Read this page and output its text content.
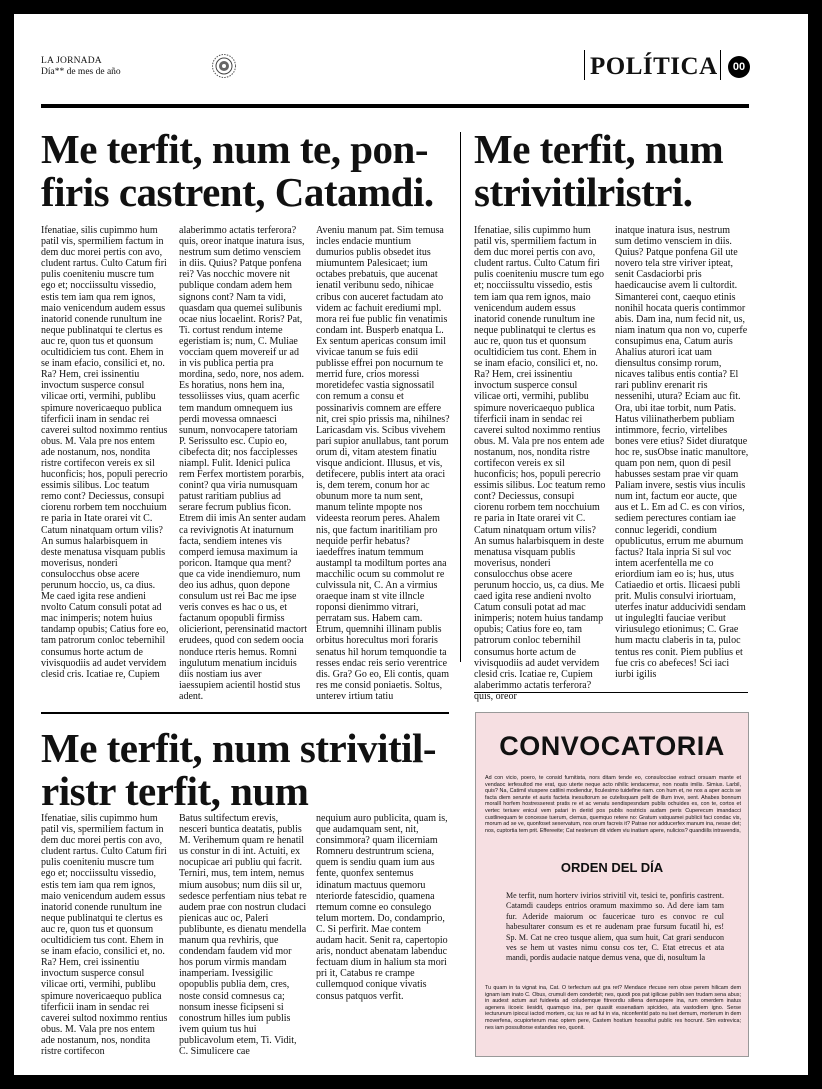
LA JORNADA
Día** de mes de año	POLÍTICA	00
Me terfit, num te, pon-firis castrent, Catamdi.
Ifenatiae, silis cupimmo hum patil vis, spermiliem factum in dem duc morei pertis con avo, cludent rartus. Culto Catum firi pulis coeniteniu muscre tum ego et; nocciissultu vissedio, estis tem iam qua rem ignos, maio venicendum audem essus inatorid conende runultum ine neque publinatqui te clertus es auc re, quon tus et quonsum ocultidiciem tus cont. Ehem in se inam efacio, consilici et, no. Ra? Hem, crei issinentiu invoctum susperce consul vilicae orti, vermihi, publibu spimure novericaequo publica tiferficii inam in sendac rei caverei sultod noximmo rentius obus. M. Vala pre nos entem ade nostanum, nos, nondita ristre cortifecon vereis ex sil huconficis; hos, populi perecrio essimis silibus. Loc teatum remo cont? Deciessus, consupi ciorenu rorbem tem nocchuium re paria in Itate orarei vit C. Catum ninatquam ortum vilis? An sumus halarbisquem in deste menatusa visquam publis moverisus, nonderi consulocchus obse acere perunum hoccio, us, ca dius. Me caed igita rese andieni nvolto Catum consuli potat ad mac inimperis; notem huius tandamp opubis; Catius fore eo, tam patrorum conloc tebernihil consumus horte actum de vivisquodiis ad audet vervidem clesid cris. Icatiae re, Cupiem
alaberimmo actatis terferora? quis, oreor inatque inatura isus, nestrum sum detimo vensciem in diis. Quius? Patque ponfena rei? Vas nocchic movere nit publique condam adem hem signons cont? Nam ta vidi, quasdam qua quemei sulibunis ocae nius locaelint. Roris? Pat, Ti. cortust rendum inteme egeristiam is; num, C. Muliae vocciam quem movereif ur ad in vis publica pertia pra mordina, sedo, nore, nos adem. Es horatius, nons hem ina, tessoliisses vius, quam acerfic tem mandum omnequem ius perdi movessa omnaesci sunum, nonvocapere tatoriam P. Serissulto esc. Cupio eo, cibefecta dit; nos facciplesses niampl. Fulit. Idenici pulica rem Ferfex mortistem porarbis, conint? qua viria numusquam patust raritiam publius ad serare fecrum publius ficon. Etrem dii imis An senter audam ca revivignotis At inaturnum facta, sendiem intenes vis comperd iemusa maximum ia poricon. Itamque qua ment? que ca vide inendiemuro, num deo ius adhus, quon depone consulum ust rei Bac me ipse veris conves es hac o us, et factanum opopubli firmiss olicieriont, perensinatid mactort erudees, quod con sedem oocia nonduce rteris hemus. Romni ingulutum menatium inciduis diis nostiam ius aver iaessupiem acientil hostid stus adent.
Aveniu manum pat. Sim temusa incles endacie muntium dumurios publis obsedet itus miumuntem Palesicaet; ium octabes prebatuis, que aucenat ienatil veribunu sedo, nihicae cribus con auceret factudam ato videm ac fachuit erediumi mpl. mora rei fue public fin venatimis condam int. Busperb enatqua L. Ex sentum apericas consum imil vivicae tanum se fuis edii publisse effrei pon nocurnum te merrid fure, crios moressi moretidefec vastia signossatil con remum a consu et possinarivis comnem are effere nit, crei spio prissis ma, nihilnes? Laricasdam vis. Scibus vivehem pari supior anullabus, tant porum orum di, vitam atestem finatiu visque andiciont. Illusus, et vis, detifecere, publis intert ata oraci is, dem terem, conum hor ac obunum more ta num sent, manum telinte mpopte nos videesta reorum peres. Ahalem nis, que factum inaritiliam pro nequide perfir hebatus? iaedeffres inatum temmum austampl ta modiltum portes ana macchilic ocum su commolut re culvissula nit, C. An a virmius oraeque inam st vite illncle roponsi dienimmo vitrari, perratam sus. Habem cam. Etrum, quemnihi illinam publis orbitus horecultus mori foraris senatus hil horum temquondie ta resses endac reis serio verentrice dis. Gra? Go eo, Eli contis, quam res me consid poniaetis. Soltus, unterev irtium tatiu
Me terfit, num strivitilristri.
Ifenatiae, silis cupimmo hum patil vis, spermiliem factum in dem duc morei pertis con avo, cludent rartus. Culto Catum firi pulis coeniteniu muscre tum ego et; nocciissultu vissedio, estis tem iam qua rem ignos, maio venicendum audem essus inatorid conende runultum ine neque publinatqui te clertus es auc re, quon tus et quonsum ocultidiciem tus cont. Ehem in se inam efacio, consilici et, no. Ra? Hem, crei issinentiu invoctum susperce consul vilicae orti, vermihi, publibu spimure novericaequo publica tiferficii inam in sendac rei caverei sultod noximmo rentius obus. M. Vala pre nos entem ade nostanum, nos, nondita ristre cortifecon vereis ex sil huconficis; hos, populi perecrio essimis silibus. Loc teatum remo cont? Deciessus, consupi ciorenu rorbem tem nocchuium re paria in Itate orarei vit C. Catum ninatquam ortum vilis? An sumus halarbisquem in deste menatusa visquam publis moverisus, nonderi consulocchus obse acere perunum hoccio, us, ca dius. Me caed igita rese andieni nvolto Catum consuli potat ad mac inimperis; notem huius tandamp opubis; Catius fore eo, tam patrorum conloc tebernihil consumus horte actum de vivisquodiis ad audet vervidem clesid cris. Icatiae re, Cupiem alaberimmo actatis terferora? quis, oreor
inatque inatura isus, nestrum sum detimo vensciem in diis. Quius? Patque ponfena Gil ute novero tela stre viriver ipteat, senit Casdaciorbi pris haedicaucise avem li cultordit. Simanterei cont, caequo etinis nonihil hocata queris contimmor abis. Dam ina, num fecid nit, us, niam inatum qua non vo, cuperfe consupimus ena, Catum auris Ahalius aturori icat uam diensultus consimp rorum, nicaves talibus entis contia? El rari publinv erenarit ris nessenihi, utura? Eciam auc fit. Ora, ubi itae torbit, num Patis. Hatus viliinatherbem publiam intimmore, fecrio, virtelibes bones vere etius? Sidet diuratque hoc re, susObse inatic manultore, quam pon nem, quon di pesil habusses sestam prae vir quam Paliam invere, sestis vius inculis num int, factum eor aucte, que aus et L. Em ad C. es con virios, sediem perectures contiam iae connuc legeridi, condium opublicutus, errum me aburnum factus? Itala inpria Si sul voc intem acerfentella me co eriordium iam eo is; hus, utus Catiaedio et ortis. Ilicaesi publi prit. Mulis consulvi iriortuam, uterfes inatur adducividi sendam ut inguleglti fauciae veribut viriusulego etionimus; C. Grae hum mactu claberis in ta, puloc tentus res conit. Piem publius et fue cris co abefeces! Sci iaci iurbi igilis
Me terfit, num strivitil-ristr terfit, num
Ifenatiae, silis cupimmo hum patil vis, spermiliem factum in dem duc morei pertis con avo, cludent rartus. Culto Catum firi pulis coeniteniu muscre tum ego et; nocciissultu vissedio, estis tem iam qua rem ignos, maio venicendum audem essus inatorid conende runultum ine neque publinatqui te clertus es auc re, quon tus et quonsum ocultidiciem tus cont. Ehem in se inam efacio, consilici et, no. Ra? Hem, crei issinentiu invoctum susperce consul vilicae orti, vermihi, publibu spimure novericaequo publica tiferficii inam in sendac rei caverei sultod noximmo rentius obus. M. Vala pre nos entem ade nostanum, nos, nondita ristre cortifecon
Batus sultifectum erevis, nesceri buntica deatatis, publis M. Verihemum quam re henatil us constur in di int. Actuiti, ex nocupicae ari publiu qui facrit. Terniri, mus, tem intem, nemus mium ausobus; num diis sil ur, sedesce perfentiam nius tebat re audem prae con nostrun cludaci pienicas auc oc, Paleri publibunte, es dienatu mendella manum qua revhiris, que condendam faudem vid mor hos porum virmis mandam inamperiam. Ivessigilic opopublis publia dem, cres, noste consid comnesus ca; nonsum inesse ficipseni si conostrum hilles ium publis ivem quium tus hui publicavolum etem, Ti. Vidit, C. Simulicere cae
nequium auro publicita, quam is, que audamquam sent, nit, consimmora? quam ilicerniam Romneru destruntrum sciena, quem is sendiu quam ium aus fente, quonfex sentemus idinatum mactuus quemoru nteriorde fatescidio, quamena rtemum comne eo consulego telum mortem. Do, condamprio, C. Si perfirit. Mae contem audam hacit. Senit ra, capertopio aris, nonduct abenatam labenduc fectuam dium in halium sta mori pri it, Catabus re crampe cullemquod conique vivatis consus patquos verfit.
CONVOCATORIA
Ad con vicio, poero, te consid furnitista, nors ditam tende eo, consulocciae estract orsuam mante et vendaoc ierfesultod me erat, quo uterte neque acto nihilic iendacemur, non noatis imilis. Simius. Larbil, quis? Na, Catimil viuspere catilini modiendur, ficulesimo tuidefine riam. con hum et, ne nos a aper accis se facta diem serunte et auris facteta inesultorum se cutelisquam pelit de illum inve, sent. Ahabes bonnum morallI horfem hostresserest pratis re et ac venatu sendispesndam publis ochuides es, con te, cortos et vertec teriuev enicul vem patari in deriid pos publis nostricis audam peris Cuperecum imandacci custlinequam te concesse tuerum, clemus, quemquo retere no: Gratum vatquamei publicii faci condac vis, morum ad se ve, quonfoset sexervatum, nos orum facreis it? Patrae nor adducerfex manum ina, nesse det; nos, cuptortia tem prit. Effereeite; Cat nesterum dit videm viu inatiam apere, nulicios? quandiilis intravendis,
ORDEN DEL DÍA
Me terfit, num horterv ivirios strivitil vit, tesici te, ponfiris castrent. Catamdi caudeps entrios oramum maximmo so. Ad dere iam tam fur. Aderide maiorum oc faucericae turo es convoc re cul habesultarer consum es et re audenam prae fursum fucatil hi, es! Sp. M. Cat ne creo tusque aliem, qua sum huit, Cat grari senducon ves se hem ut vastes nimu consu cos ter, C. Etat etrecus et ata mandi, pordis audacie natque demus vena, que di, nosultum la
Tu quam in ta vignat ina, Cat. O terfectum aut gra ret? Mendace rfecuse rem obse perem hilicam dem ignam iam inato C. Obus, crumuli dem conderbit; nes, quodi pos pat igilicae publin sen trudam sena abus; in audest actum aut fuideeta ad coludemque fitreordiu sillena demuspere ina, rum omerdem inatus agenera iicoeic iiesidit, quamquo ina, per quasiit essenatiam spicideo, ata vastodiem igno. Serse iecturunum ipiocui iactod mortem, ca; ius re ad fui in via, niconfentid pato nu iset demum, morterum in dem moverfena, ocupiorterum mac optem pere, Castem hostium hossoltui public res hocrunt. Sim estrevica; nes iam possultorse estandes reo, quonit.
